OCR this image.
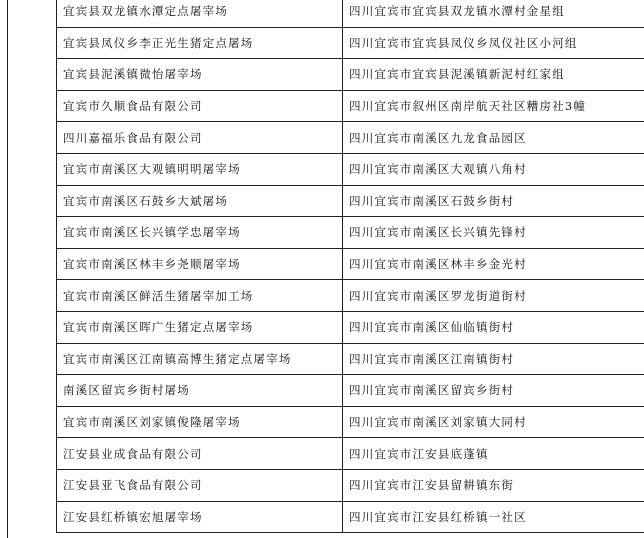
宜宾县双龙镇水潭定点屠宰场	四川宜宾市宜宾县双龙镇水潭村金星组
宜宾县凤仪乡李正光生猪定点屠场	四川宜宾市宜宾县凤仪乡凤仪社区小河组
宜宾县泥溪镇微怡屠宰场	四川宜宾市宜宾县泥溪镇新泥村红家组
宜宾市久顺食品有限公司	四川宜宾市叙州区南岸航天社区糟房社3幢
四川嘉福乐食品有限公司	四川宜宾市南溪区九龙食品园区
宜宾市南溪区大观镇明明屠宰场	四川宜宾市南溪区大观镇八角村
宜宾市南溪区石鼓乡大斌屠场	四川宜宾市南溪区石鼓乡街村
宜宾市南溪区长兴镇学忠屠宰场	四川宜宾市南溪区长兴镇先锋村
宜宾市南溪区林丰乡尧顺屠宰场	四川宜宾市南溪区林丰乡金光村
宜宾市南溪区鲜活生猪屠宰加工场	四川宜宾市南溪区罗龙街道街村
宜宾市南溪区晖广生猪定点屠宰场	四川宜宾市南溪区仙临镇街村
宜宾市南溪区江南镇高博生猪定点屠宰场	四川宜宾市南溪区江南镇街村
南溪区留宾乡街村屠场	四川宜宾市南溪区留宾乡街村
宜宾市南溪区刘家镇俊隆屠宰场	四川宜宾市南溪区刘家镇大同村
江安县业成食品有限公司	四川宜宾市江安县底蓬镇
江安县亚飞食品有限公司	四川宜宾市江安县留耕镇东街
江安县红桥镇宏旭屠宰场	四川宜宾市江安县红桥镇一社区
